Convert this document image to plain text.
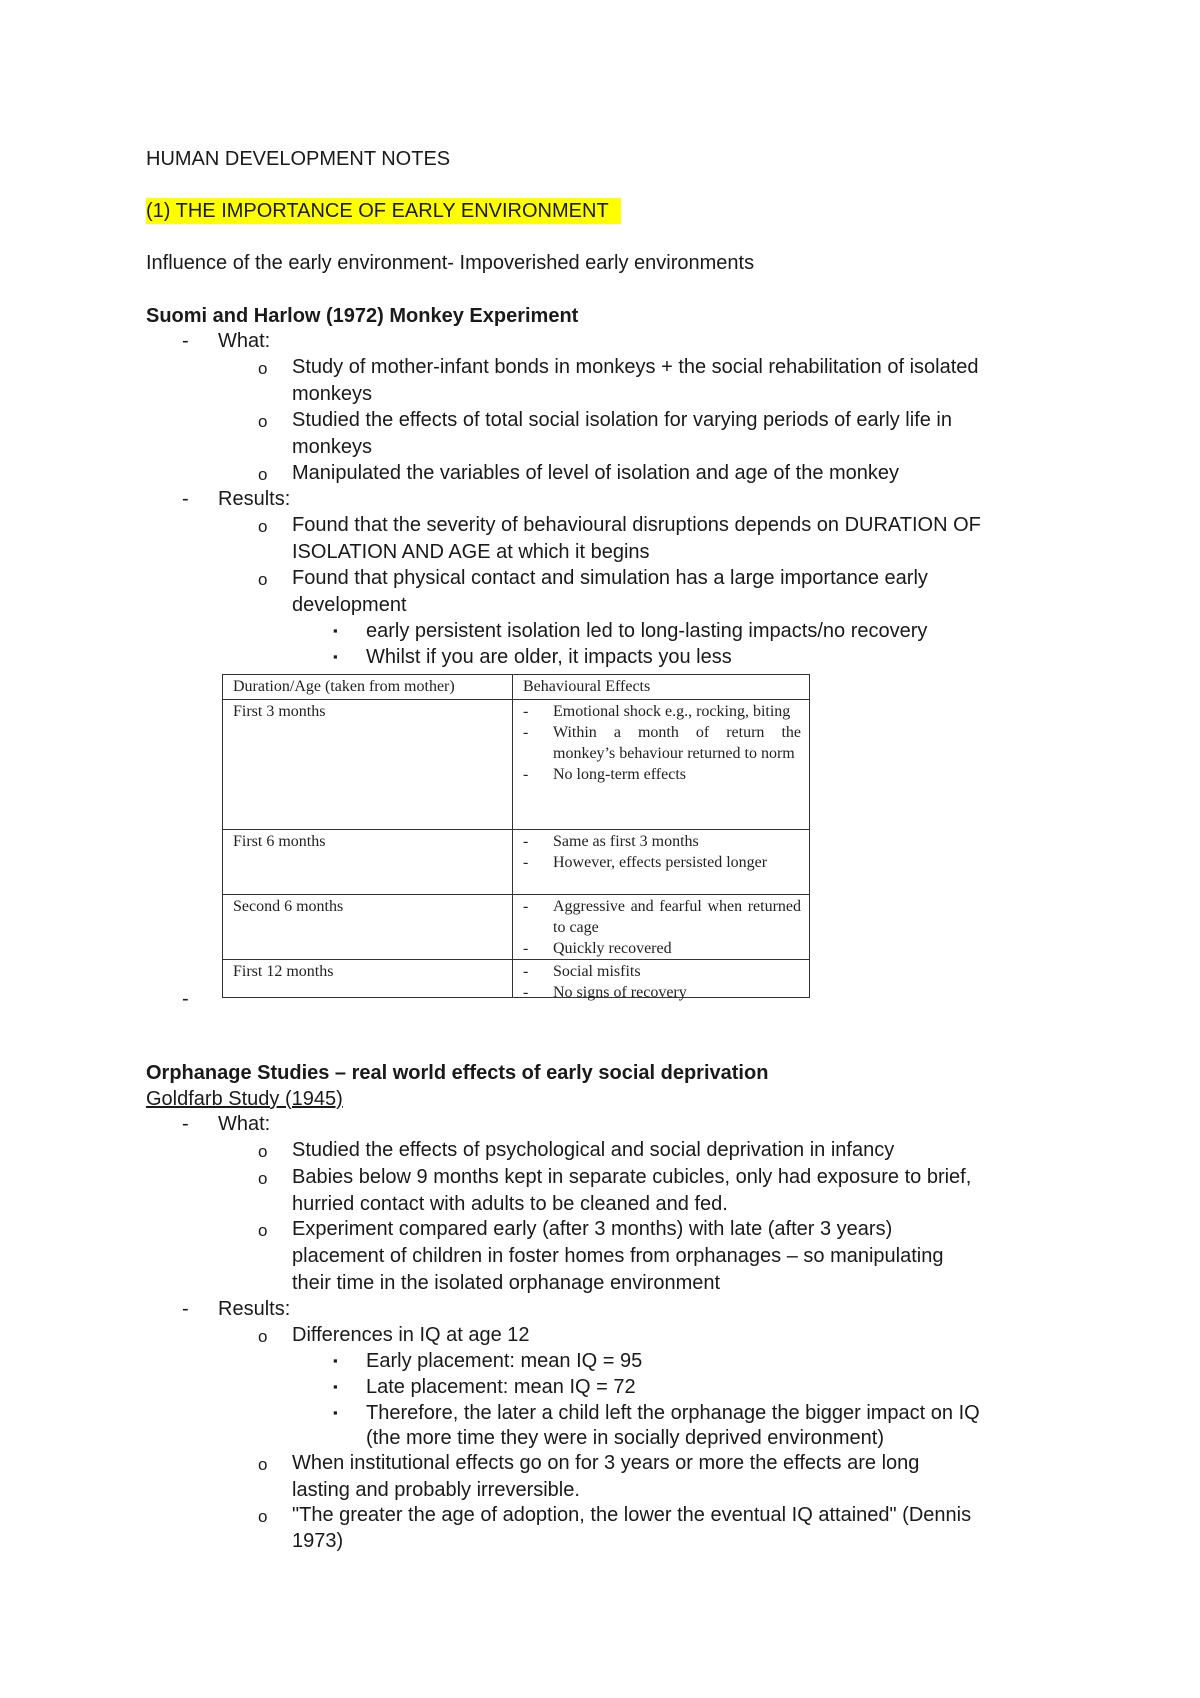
HUMAN DEVELOPMENT NOTES
(1) THE IMPORTANCE OF EARLY ENVIRONMENT
Influence of the early environment- Impoverished early environments
Suomi and Harlow (1972) Monkey Experiment
- What:
o Study of mother-infant bonds in monkeys + the social rehabilitation of isolated
monkeys
o Studied the effects of total social isolation for varying periods of early life in
monkeys
o Manipulated the variables of level of isolation and age of the monkey
- Results:
o Found that the severity of behavioural disruptions depends on DURATION OF
ISOLATION AND AGE at which it begins
o Found that physical contact and simulation has a large importance early
development
▪ early persistent isolation led to long-lasting impacts/no recovery
▪ Whilst if you are older, it impacts you less
Duration/Age (taken from mother)	Behavioural Effects
First 3 months	- Emotional shock e.g., rocking, biting
- Within a month of return the monkey’s behaviour returned to norm
- No long-term effects
First 6 months	- Same as first 3 months
- However, effects persisted longer
Second 6 months	- Aggressive and fearful when returned to cage
- Quickly recovered
First 12 months	- Social misfits
- No signs of recovery
-
Orphanage Studies – real world effects of early social deprivation
Goldfarb Study (1945)
- What:
o Studied the effects of psychological and social deprivation in infancy
o Babies below 9 months kept in separate cubicles, only had exposure to brief,
hurried contact with adults to be cleaned and fed.
o Experiment compared early (after 3 months) with late (after 3 years)
placement of children in foster homes from orphanages – so manipulating
their time in the isolated orphanage environment
- Results:
o Differences in IQ at age 12
▪ Early placement: mean IQ = 95
▪ Late placement: mean IQ = 72
▪ Therefore, the later a child left the orphanage the bigger impact on IQ
(the more time they were in socially deprived environment)
o When institutional effects go on for 3 years or more the effects are long
lasting and probably irreversible.
o "The greater the age of adoption, the lower the eventual IQ attained" (Dennis
1973)
